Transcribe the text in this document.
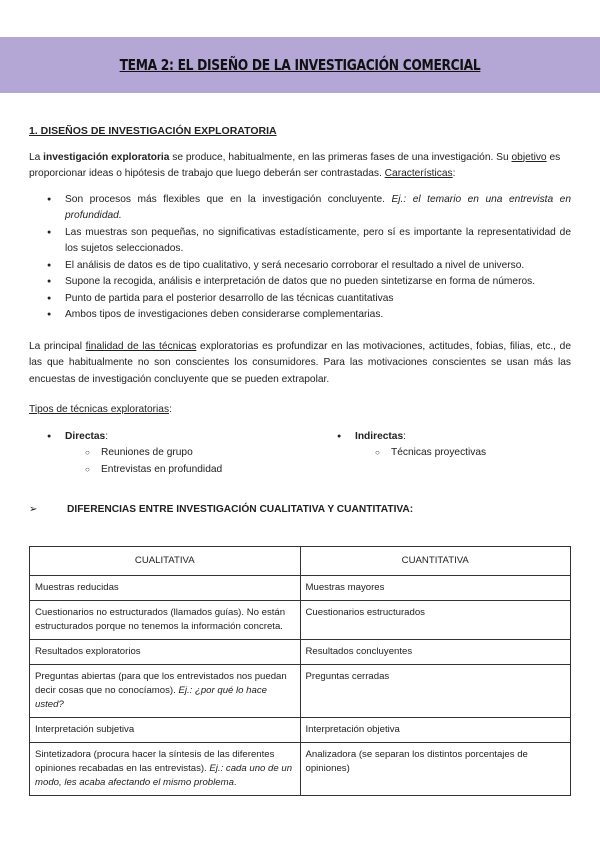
TEMA 2: EL DISEÑO DE LA INVESTIGACIÓN COMERCIAL
1. DISEÑOS DE INVESTIGACIÓN EXPLORATORIA

La investigación exploratoria se produce, habitualmente, en las primeras fases de una investigación. Su objetivo es proporcionar ideas o hipótesis de trabajo que luego deberán ser contrastadas. Características:

● Son procesos más flexibles que en la investigación concluyente. Ej.: el temario en una entrevista en profundidad.
● Las muestras son pequeñas, no significativas estadísticamente, pero sí es importante la representatividad de los sujetos seleccionados.
● El análisis de datos es de tipo cualitativo, y será necesario corroborar el resultado a nivel de universo.
● Supone la recogida, análisis e interpretación de datos que no pueden sintetizarse en forma de números.
● Punto de partida para el posterior desarrollo de las técnicas cuantitativas
● Ambos tipos de investigaciones deben considerarse complementarias.

La principal finalidad de las técnicas exploratorias es profundizar en las motivaciones, actitudes, fobias, filias, etc., de las que habitualmente no son conscientes los consumidores. Para las motivaciones conscientes se usan más las encuestas de investigación concluyente que se pueden extrapolar.

Tipos de técnicas exploratorias:

● Directas:
○ Reuniones de grupo
○ Entrevistas en profundidad
● Indirectas:
○ Técnicas proyectivas
➢	DIFERENCIAS ENTRE INVESTIGACIÓN CUALITATIVA Y CUANTITATIVA:
CUALITATIVA	CUANTITATIVA
Muestras reducidas	Muestras mayores
Cuestionarios no estructurados (llamados guías). No están estructurados porque no tenemos la información concreta.	Cuestionarios estructurados
Resultados exploratorios	Resultados concluyentes
Preguntas abiertas (para que los entrevistados nos puedan decir cosas que no conocíamos). Ej.: ¿por qué lo hace usted?	Preguntas cerradas
Interpretación subjetiva	Interpretación objetiva
Sintetizadora (procura hacer la síntesis de las diferentes opiniones recabadas en las entrevistas). Ej.: cada uno de un modo, les acaba afectando el mismo problema.	Analizadora (se separan los distintos porcentajes de opiniones)
